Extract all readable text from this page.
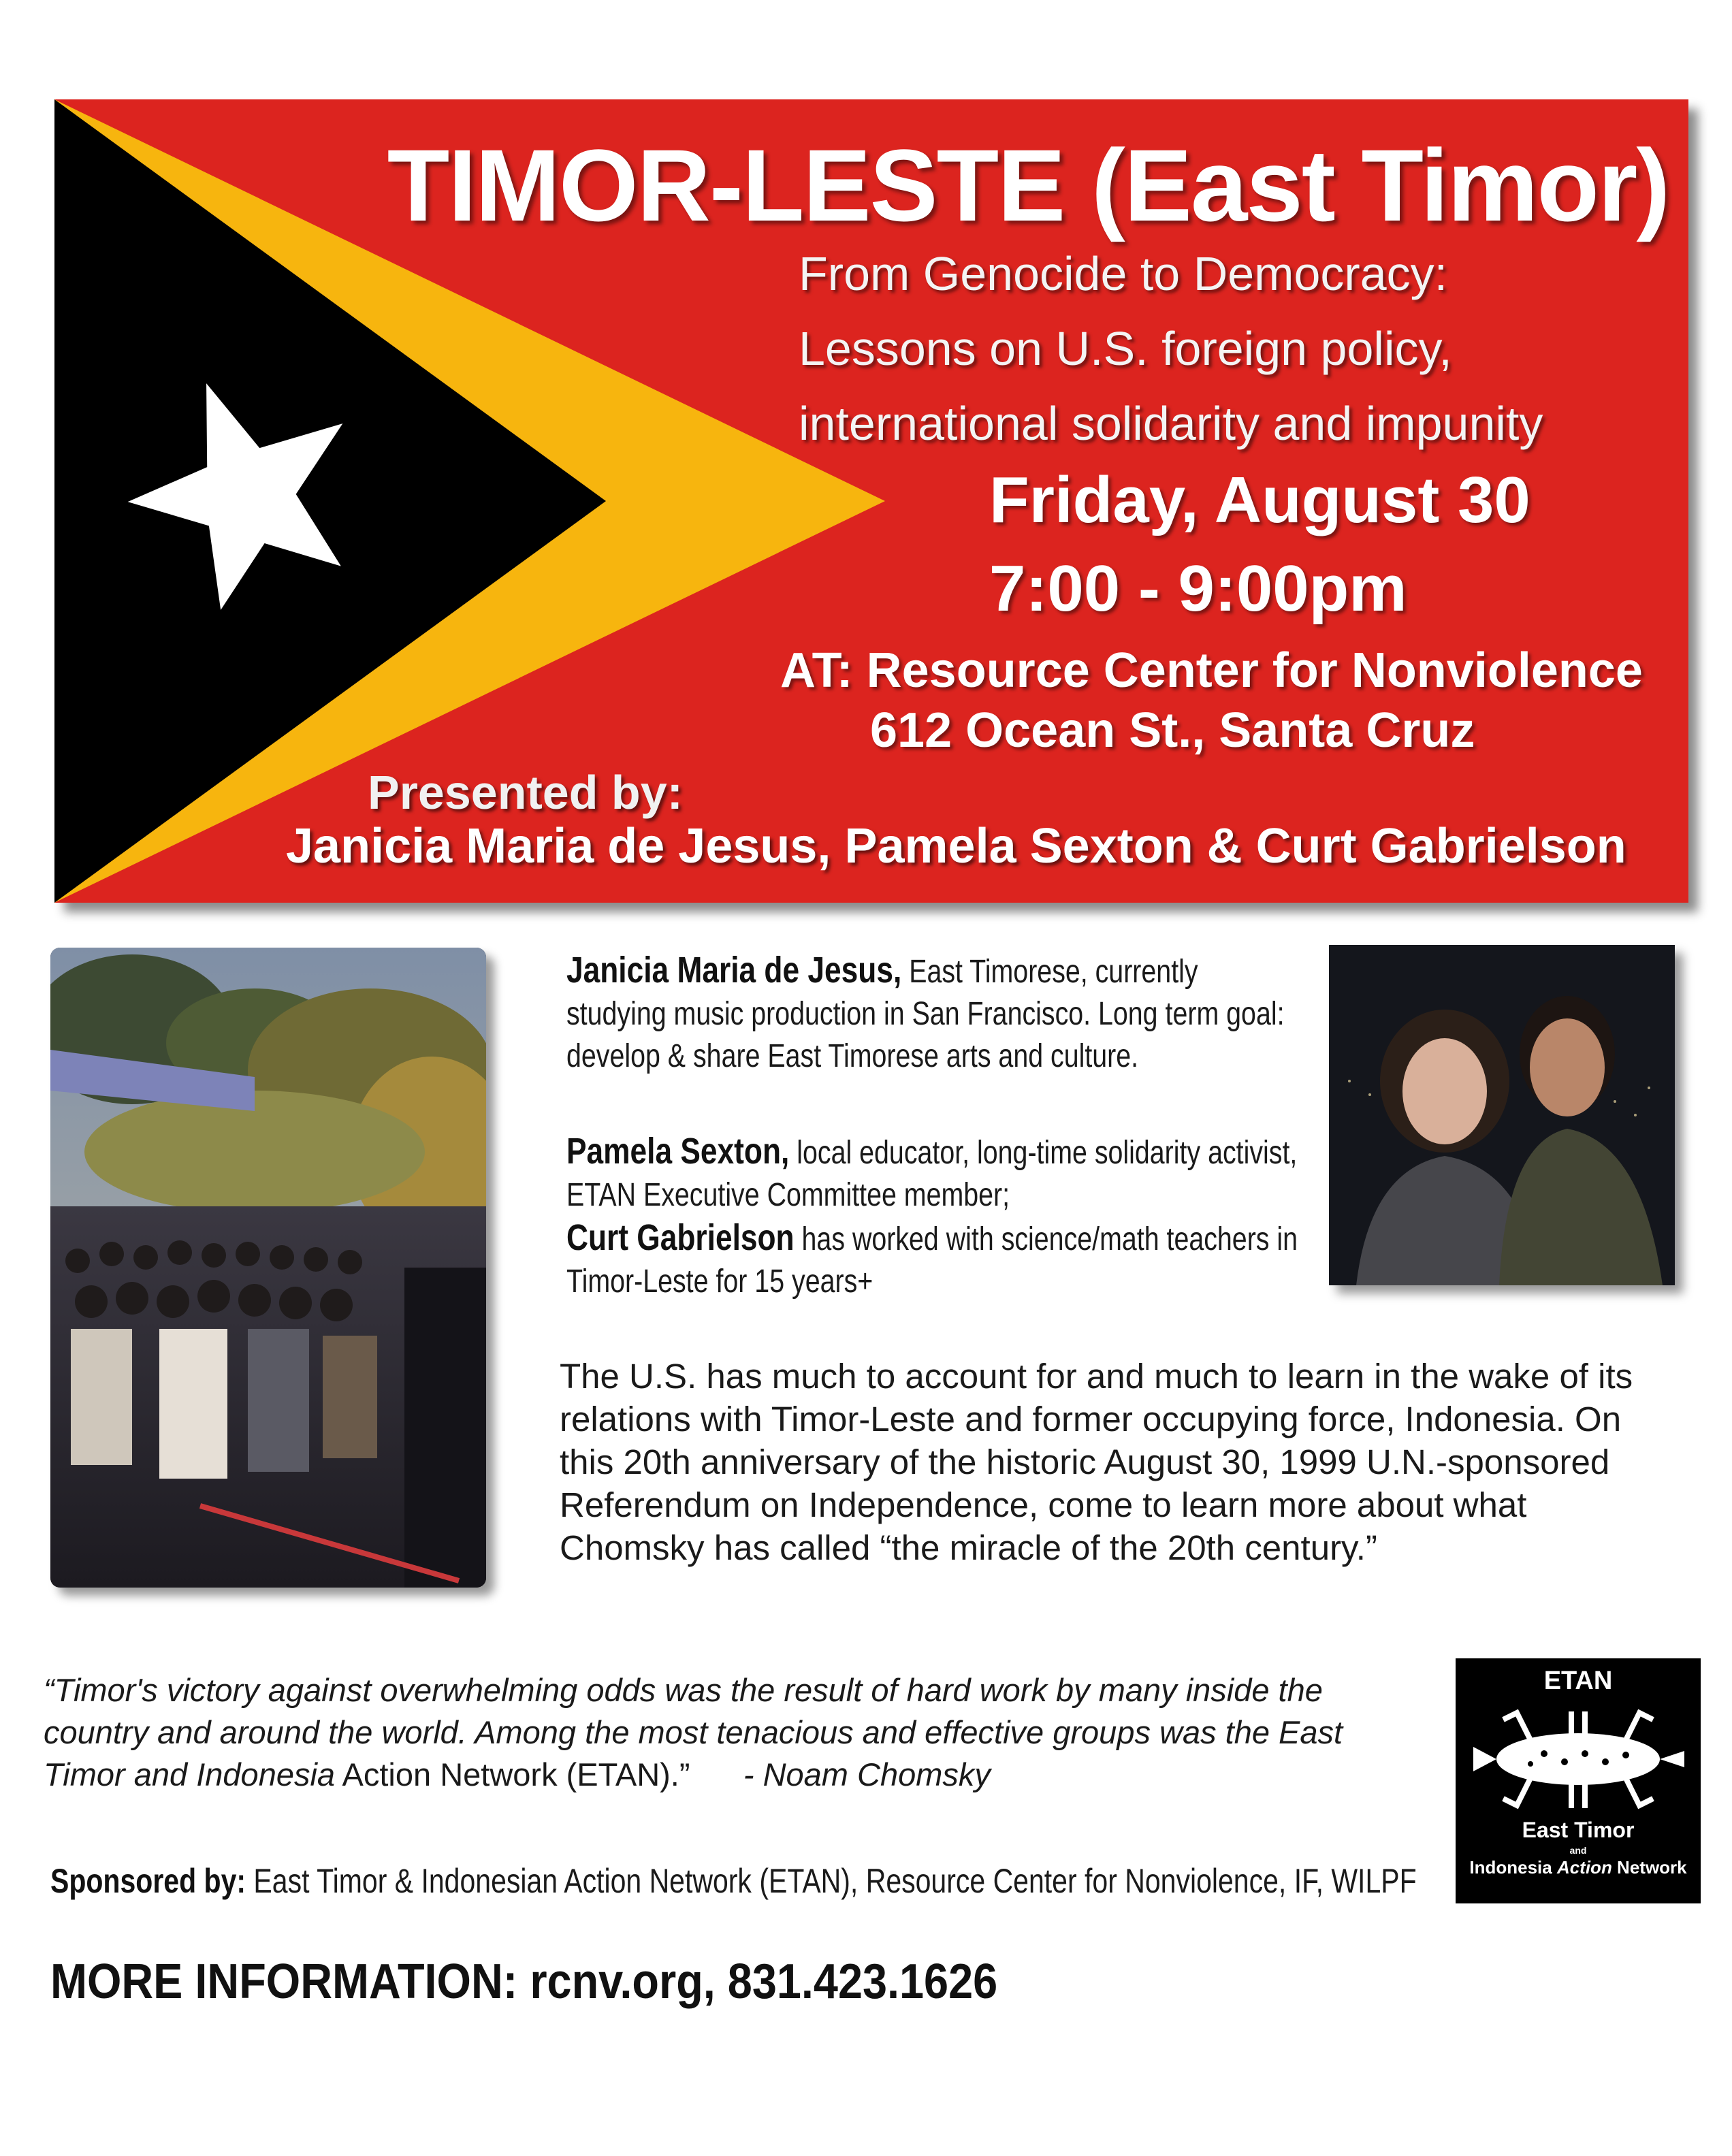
TIMOR-LESTE (East Timor)
From Genocide to Democracy:
Lessons on U.S. foreign policy,
international solidarity and impunity
Friday, August 30
7:00 - 9:00pm
AT: Resource Center for Nonviolence
612 Ocean St., Santa Cruz
Presented by:
Janicia Maria de Jesus, Pamela Sexton & Curt Gabrielson
Janicia Maria de Jesus, East Timorese, currently studying music production in San Francisco. Long term goal: develop & share East Timorese arts and culture.
Pamela Sexton, local educator, long-time solidarity activist, ETAN Executive Committee member;
Curt Gabrielson has worked with science/math teachers in Timor-Leste for 15 years+
The U.S. has much to account for and much to learn in the wake of its relations with Timor-Leste and former occupying force, Indonesia. On this 20th anniversary of the historic August 30, 1999 U.N.-sponsored Referendum on Independence, come to learn more about what Chomsky has called “the miracle of the 20th century.”
“Timor's victory against overwhelming odds was the result of hard work by many inside the country and around the world. Among the most tenacious and effective groups was the East Timor and Indonesia Action Network (ETAN).”      - Noam Chomsky
ETAN
East Timor
and
Indonesia Action Network
Sponsored by: East Timor & Indonesian Action Network (ETAN), Resource Center for Nonviolence, IF, WILPF
MORE INFORMATION: rcnv.org, 831.423.1626
